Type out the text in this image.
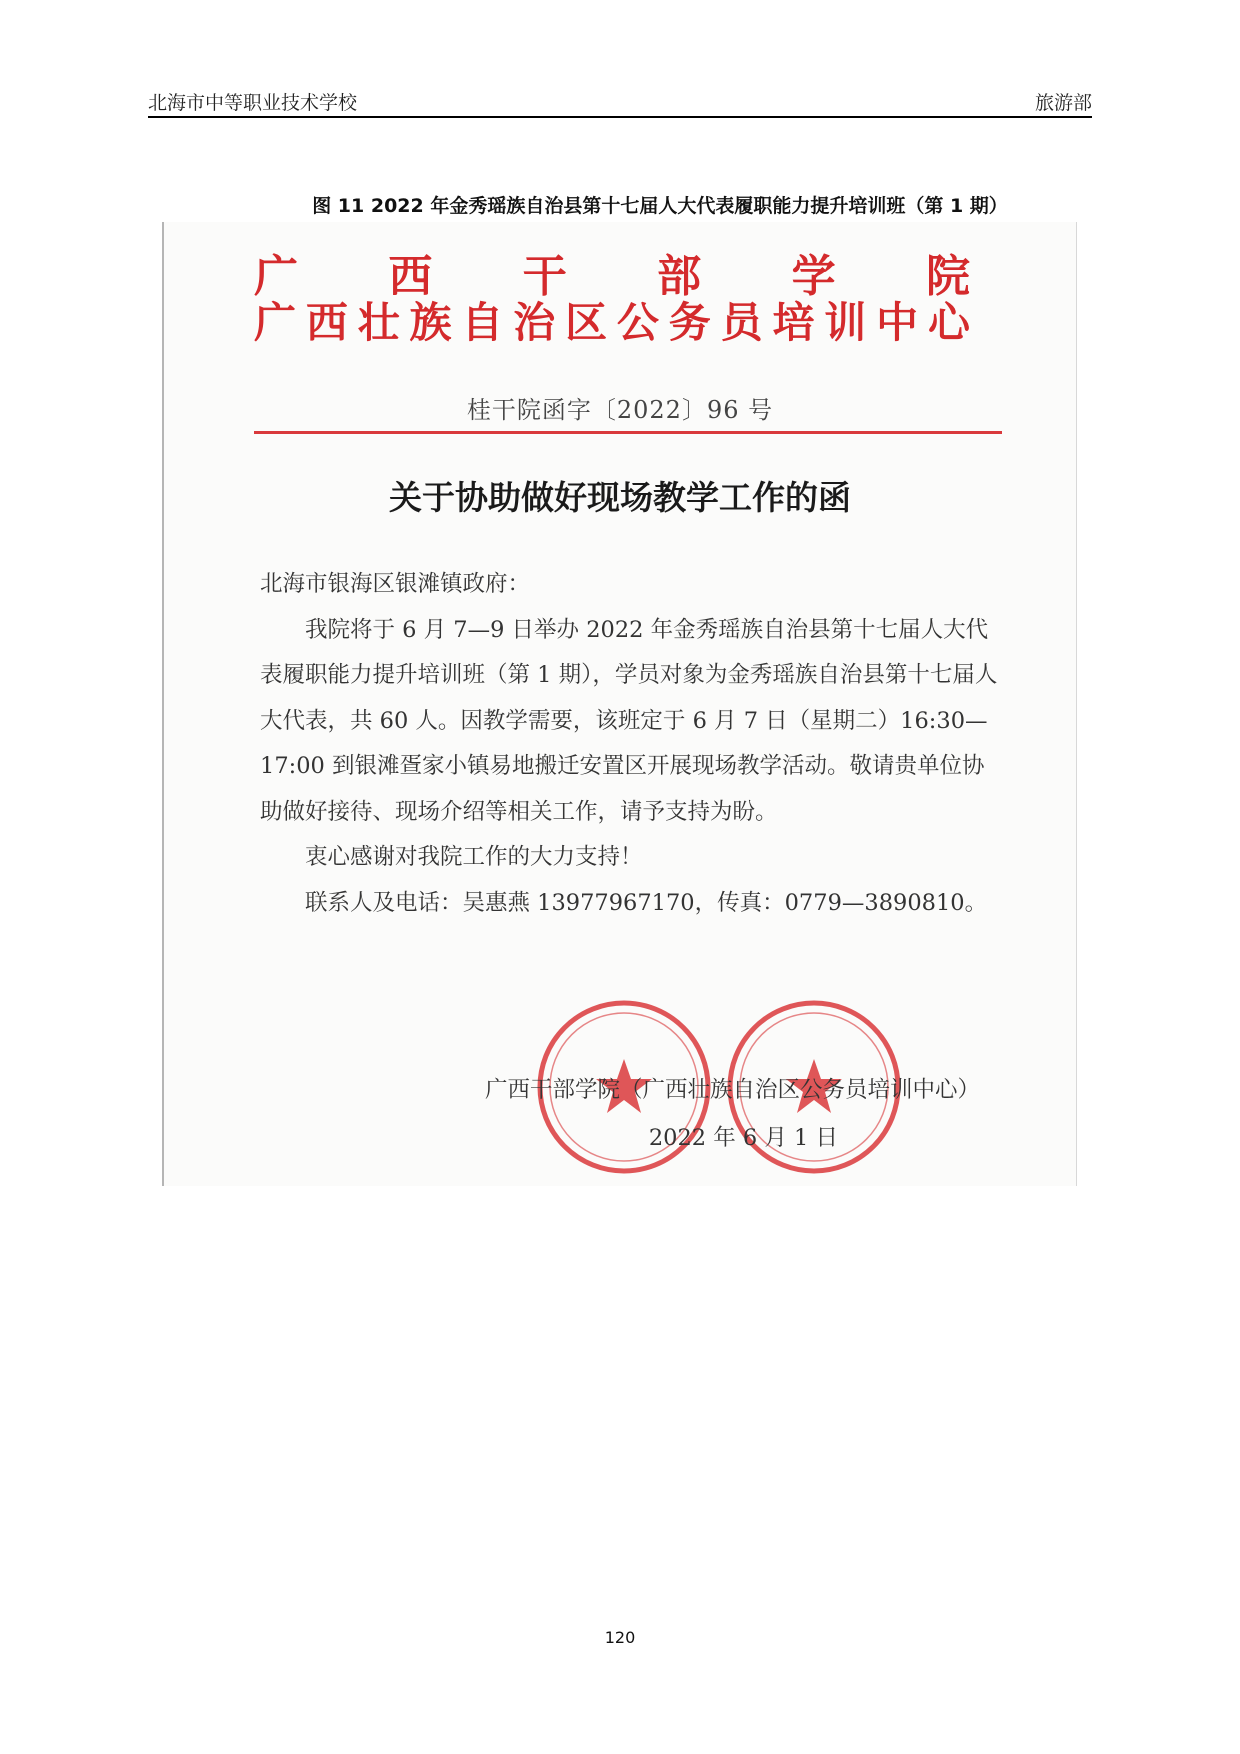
北海市中等职业技术学校	旅游部
图 11 2022 年金秀瑶族自治县第十七届人大代表履职能力提升培训班（第 1 期）
广 西 干 部 学 院
广 西 壮 族 自 治 区 公 务 员 培 训 中 心
桂干院函字〔2022〕96 号
关于协助做好现场教学工作的函

北海市银海区银滩镇政府：

我院将于 6 月 7—9 日举办 2022 年金秀瑶族自治县第十七届人大代表履职能力提升培训班（第 1 期），学员对象为金秀瑶族自治县第十七届人大代表，共 60 人。因教学需要，该班定于 6 月 7 日（星期二）16:30—17:00 到银滩疍家小镇易地搬迁安置区开展现场教学活动。敬请贵单位协助做好接待、现场介绍等相关工作，请予支持为盼。

衷心感谢对我院工作的大力支持！

联系人及电话：吴惠燕 13977967170，传真：0779—3890810。

广西干部学院（广西壮族自治区公务员培训中心）
2022 年 6 月 1 日
120
